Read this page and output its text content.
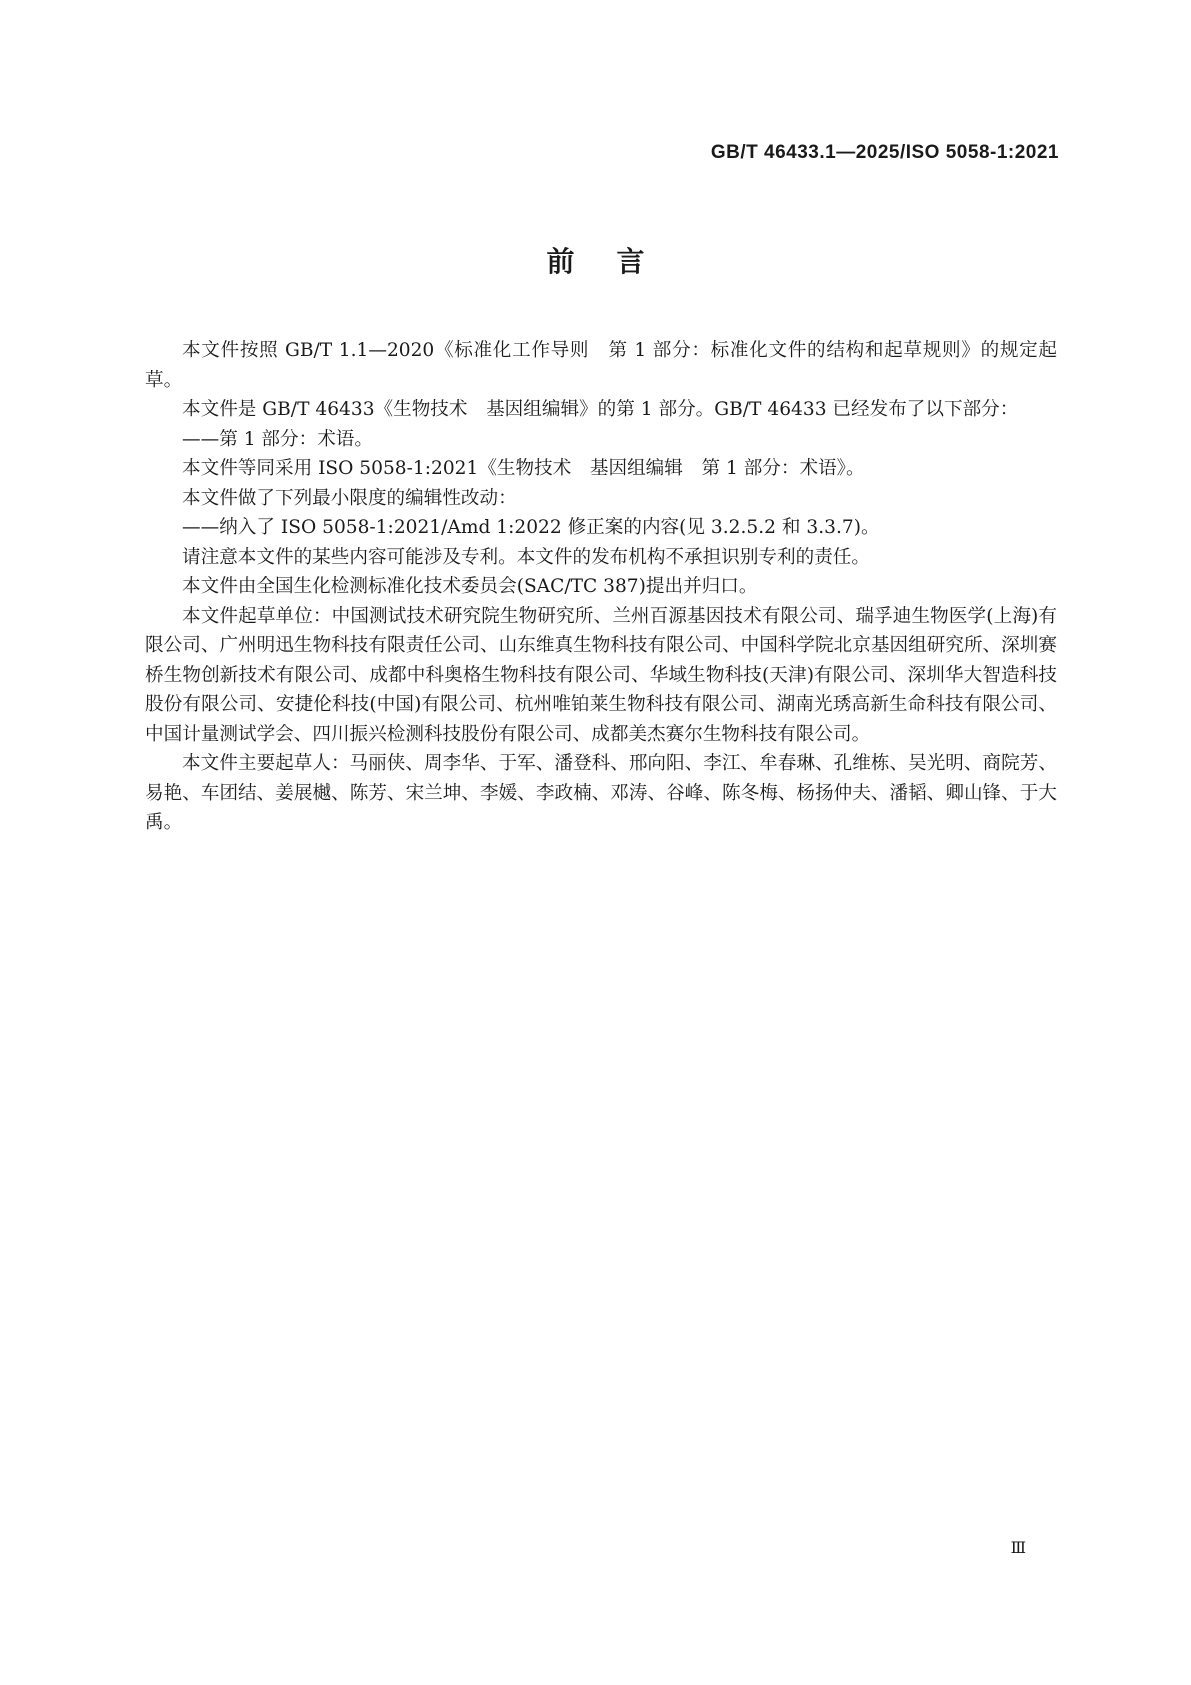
GB/T 46433.1—2025/ISO 5058-1:2021
前言

本文件按照 GB/T 1.1—2020《标准化工作导则　第 1 部分：标准化文件的结构和起草规则》的规定起草。

本文件是 GB/T 46433《生物技术　基因组编辑》的第 1 部分。GB/T 46433 已经发布了以下部分：

——第 1 部分：术语。

本文件等同采用 ISO 5058-1:2021《生物技术　基因组编辑　第 1 部分：术语》。

本文件做了下列最小限度的编辑性改动：

——纳入了 ISO 5058-1:2021/Amd 1:2022 修正案的内容(见 3.2.5.2 和 3.3.7)。

请注意本文件的某些内容可能涉及专利。本文件的发布机构不承担识别专利的责任。

本文件由全国生化检测标准化技术委员会(SAC/TC 387)提出并归口。

本文件起草单位：中国测试技术研究院生物研究所、兰州百源基因技术有限公司、瑞孚迪生物医学(上海)有限公司、广州明迅生物科技有限责任公司、山东维真生物科技有限公司、中国科学院北京基因组研究所、深圳赛桥生物创新技术有限公司、成都中科奥格生物科技有限公司、华域生物科技(天津)有限公司、深圳华大智造科技股份有限公司、安捷伦科技(中国)有限公司、杭州唯铂莱生物科技有限公司、湖南光琇高新生命科技有限公司、中国计量测试学会、四川振兴检测科技股份有限公司、成都美杰赛尔生物科技有限公司。

本文件主要起草人：马丽侠、周李华、于军、潘登科、邢向阳、李江、牟春琳、孔维栋、吴光明、商院芳、易艳、车团结、姜展樾、陈芳、宋兰坤、李媛、李政楠、邓涛、谷峰、陈冬梅、杨扬仲夫、潘韬、卿山锋、于大禹。

Ⅲ
